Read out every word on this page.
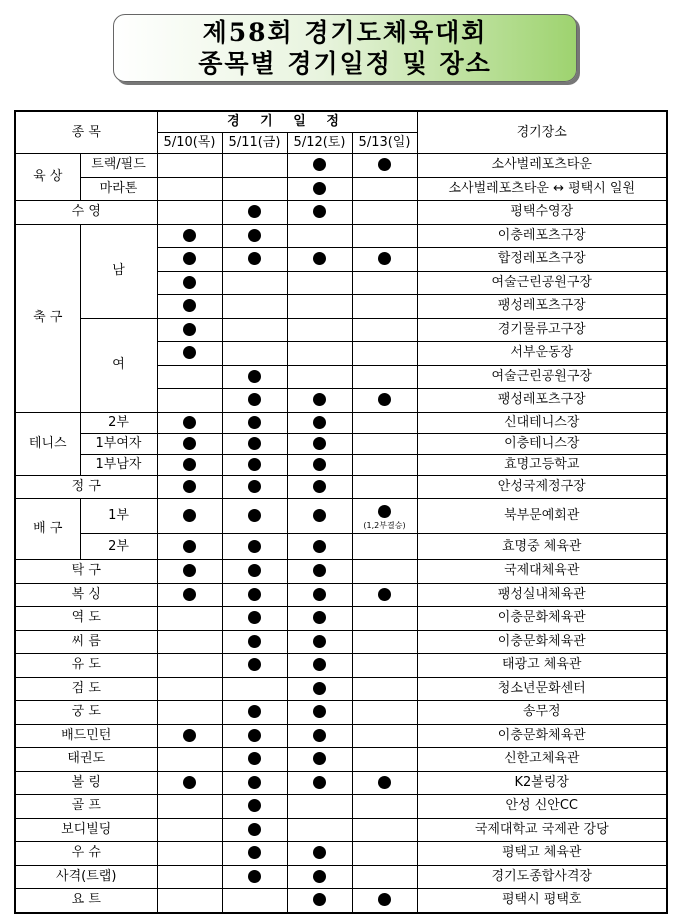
제58회 경기도체육대회
종목별 경기일정 및 장소
종 목		경 기 일 정				경기장소
		5/10(목)	5/11(금)	5/12(토)	5/13(일)	
육 상	트랙/필드					소사벌레포츠타운
	마라톤					소사벌레포츠타운 ↔ 평택시 일원
수 영						평택수영장
축 구	남					이충레포츠구장
						합정레포츠구장
						여술근린공원구장
						팽성레포츠구장
	여					경기물류고구장
						서부운동장
						여술근린공원구장
						팽성레포츠구장
테니스	2부					신대테니스장
	1부여자					이충테니스장
	1부남자					효명고등학교
정 구						안성국제정구장
배 구	1부				(1,2부결승)	북부문예회관
	2부					효명중 체육관
탁 구						국제대체육관
복 싱						팽성실내체육관
역 도						이충문화체육관
씨 름						이충문화체육관
유 도						태광고 체육관
검 도						청소년문화센터
궁 도						송무정
배드민턴						이충문화체육관
태권도						신한고체육관
볼 링						K2볼링장
골 프						안성 신안CC
보디빌딩						국제대학교 국제관 강당
우 슈						평택고 체육관
사격(트랩)						경기도종합사격장
요 트						평택시 평택호
